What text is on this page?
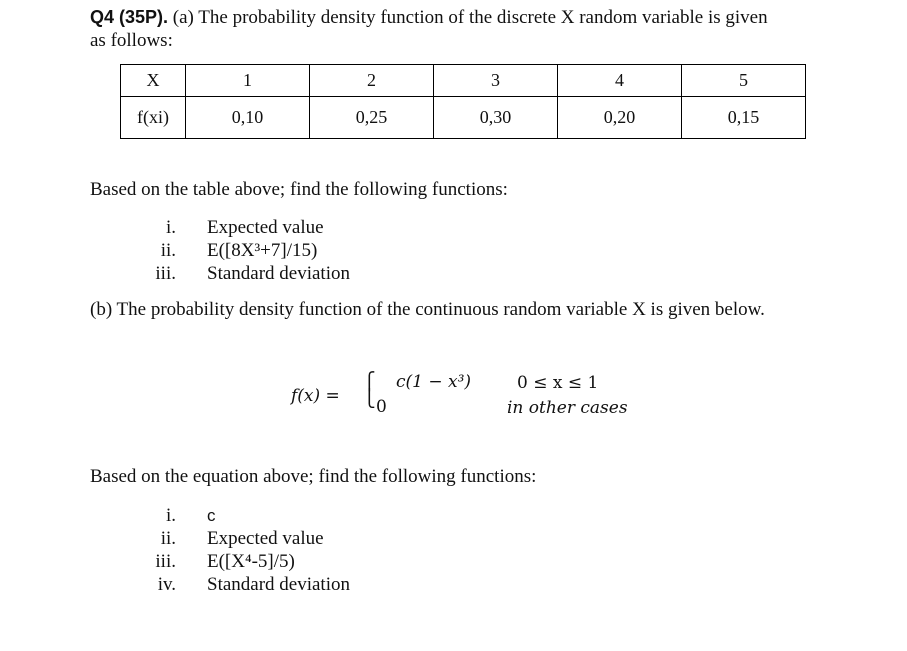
Q4 (35P). (a) The probability density function of the discrete X random variable is given
as follows:
X	1	2	3	4	5
f(xi)	0,10	0,25	0,30	0,20	0,15
Based on the table above; find the following functions:
i. Expected value
ii. E([8X³+7]/15)
iii. Standard deviation
(b) The probability density function of the continuous random variable X is given below.
f(x) =
⎧
⎩
c(1 − x³)
0
0 ≤ x ≤ 1
in other cases
Based on the equation above; find the following functions:
i. c
ii. Expected value
iii. E([X⁴-5]/5)
iv. Standard deviation
